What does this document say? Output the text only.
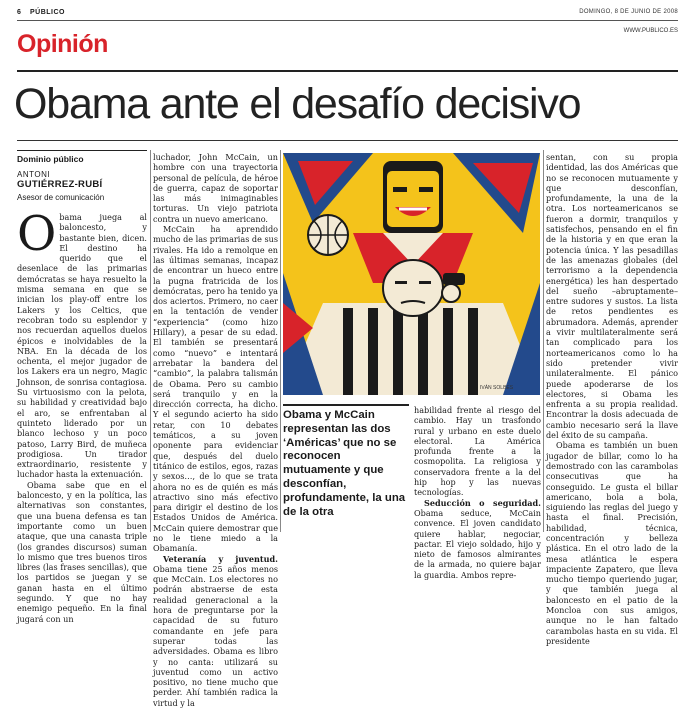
6 PÚBLICO	DOMINGO, 8 DE JUNIO DE 2008
WWW.PUBLICO.ES
Opinión
Obama ante el desafío decisivo
Dominio público
ANTONI
GUTIÉRREZ-RUBÍ
Asesor de comunicación

Obama juega al baloncesto, y bastante bien, dicen. El destino ha querido que el desenlace de las primarias demócratas se haya resuelto la misma semana en que se inician los play-off entre los Lakers y los Celtics, que recobran todo su esplendor y nos recuerdan aquellos duelos épicos e inolvidables de la NBA. En la década de los ochenta, el mejor jugador de los Lakers era un negro, Magic Johnson, de sonrisa contagiosa. Su virtuosismo con la pelota, su habilidad y creatividad bajo el aro, se enfrentaban al quinteto liderado por un blanco lechoso y un poco patoso, Larry Bird, de muñeca prodigiosa. Un tirador extraordinario, resistente y luchador hasta la extenuación.

Obama sabe que en el baloncesto, y en la política, las alternativas son constantes, que una buena defensa es tan importante como un buen ataque, que una canasta triple (los grandes discursos) suman lo mismo que tres buenos tiros libres (las frases sencillas), que los partidos se juegan y se ganan hasta en el último segundo. Y que no hay enemigo pequeño. En la final jugará con un

luchador, John McCain, un hombre con una trayectoria personal de película, de héroe de guerra, capaz de soportar las más inimaginables torturas. Un viejo patriota contra un nuevo americano.

McCain ha aprendido mucho de las primarias de sus rivales. Ha ido a remolque en las últimas semanas, incapaz de encontrar un hueco entre la pugna fratricida de los demócratas, pero ha tenido ya dos aciertos. Primero, no caer en la tentación de vender “experiencia” (como hizo Hillary), a pesar de su edad. El también se presentará como “nuevo” e intentará arrebatar la bandera del “cambio”, la palabra talismán de Obama. Pero su cambio será tranquilo y en la dirección correcta, ha dicho. Y el segundo acierto ha sido retar, con 10 debates temáticos, a su joven oponente para evidenciar que, después del duelo titánico de estilos, egos, razas y sexos…, de lo que se trata ahora no es de quién es más atractivo sino más efectivo para dirigir el destino de los Estados Unidos de América. McCain quiere demostrar que no le tiene miedo a la Obamanía.

Veteranía y juventud. Obama tiene 25 años menos que McCain. Los electores no podrán abstraerse de esta realidad generacional a la hora de preguntarse por la capacidad de su futuro comandante en jefe para superar todas las adversidades. Obama es libro y no canta: utilizará su juventud como un activo positivo, no tiene mucho que perder. Ahí también radica la virtud y la

IVÁN SOLBES
Obama y McCain representan las dos ‘Américas’ que no se reconocen mutuamente y que desconfían, profundamente, la una de la otra

habilidad frente al riesgo del cambio. Hay un trasfondo rural y urbano en este duelo electoral. La América profunda frente a la cosmopolita. La religiosa y conservadora frente a la del hip hop y las nuevas tecnologías.

Seducción o seguridad. Obama seduce, McCain convence. El joven candidato quiere hablar, negociar, pactar. El viejo soldado, hijo y nieto de famosos almirantes de la armada, no quiere bajar la guardia. Ambos repre-

sentan, con su propia identidad, las dos Américas que no se reconocen mutuamente y que desconfían, profundamente, la una de la otra. Los norteamericanos se fueron a dormir, tranquilos y satisfechos, pensando en el fin de la historia y en que eran la potencia única. Y las pesadillas de las amenazas globales (del terrorismo a la dependencia energética) les han despertado del sueño –abruptamente– entre sudores y sustos. La lista de retos pendientes es abrumadora. Además, aprender a vivir multilateralmente será tan complicado para los norteamericanos como lo ha sido pretender vivir unilateralmente. El pánico puede apoderarse de los electores, si Obama les enfrenta a su propia realidad. Encontrar la dosis adecuada de cambio necesario será la llave del éxito de su campaña.

Obama es también un buen jugador de billar, como lo ha demostrado con las carambolas consecutivas que ha conseguido. Le gusta el billar americano, bola a bola, siguiendo las reglas del juego y hasta el final. Precisión, habilidad, técnica, concentración y belleza plástica. En el otro lado de la mesa atlántica le espera impaciente Zapatero, que lleva mucho tiempo queriendo jugar, y que también juega al baloncesto en el patio de la Moncloa con sus amigos, aunque no le han faltado carambolas hasta en su vida. El presidente
